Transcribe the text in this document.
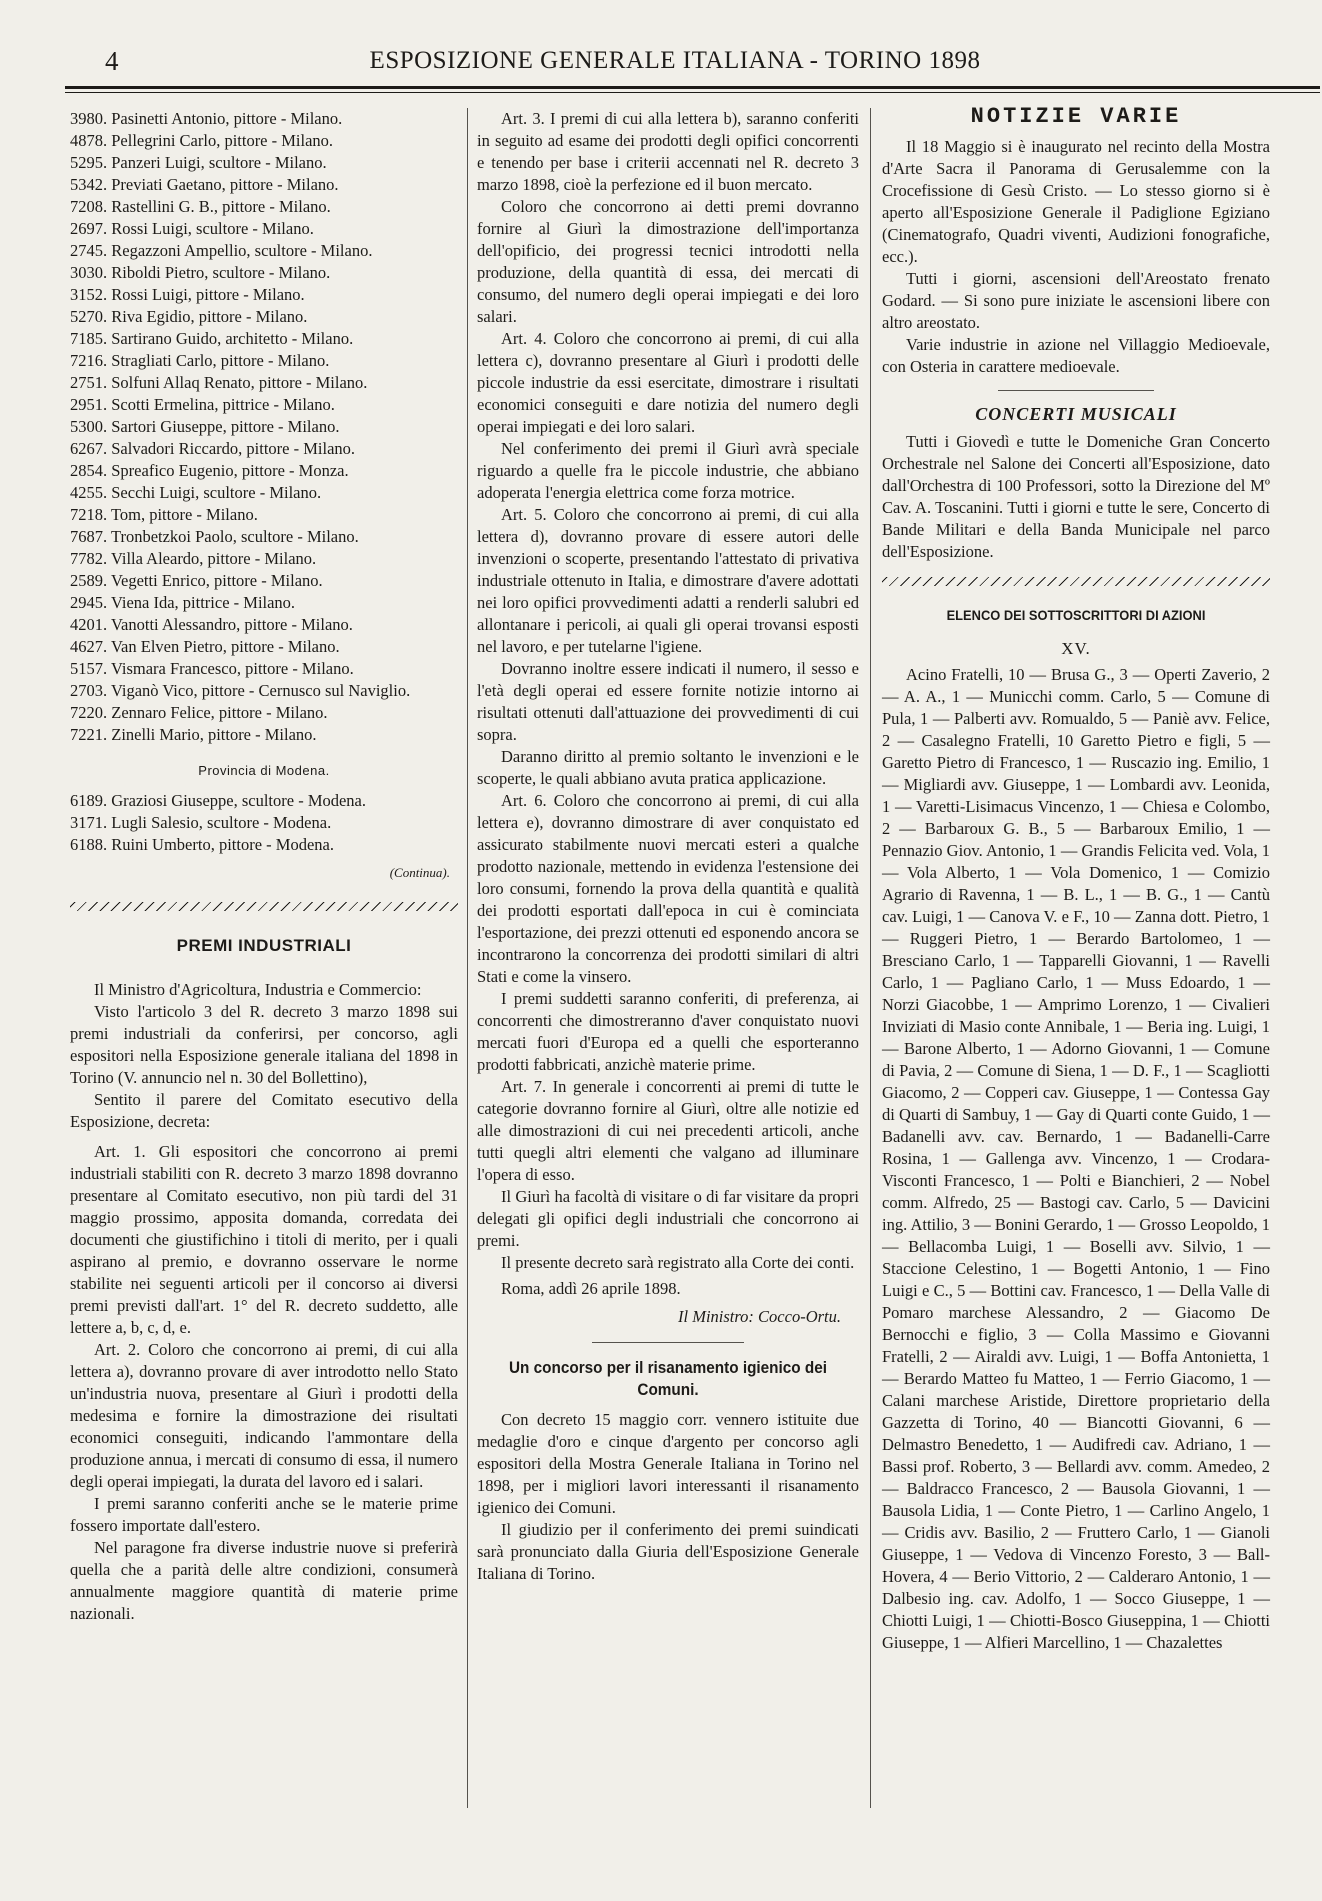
4	ESPOSIZIONE GENERALE ITALIANA - TORINO 1898
3980. Pasinetti Antonio, pittore - Milano.
4878. Pellegrini Carlo, pittore - Milano.
5295. Panzeri Luigi, scultore - Milano.
5342. Previati Gaetano, pittore - Milano.
7208. Rastellini G. B., pittore - Milano.
2697. Rossi Luigi, scultore - Milano.
2745. Regazzoni Ampellio, scultore - Milano.
3030. Riboldi Pietro, scultore - Milano.
3152. Rossi Luigi, pittore - Milano.
5270. Riva Egidio, pittore - Milano.
7185. Sartirano Guido, architetto - Milano.
7216. Stragliati Carlo, pittore - Milano.
2751. Solfuni Allaq Renato, pittore - Milano.
2951. Scotti Ermelina, pittrice - Milano.
5300. Sartori Giuseppe, pittore - Milano.
6267. Salvadori Riccardo, pittore - Milano.
2854. Spreafico Eugenio, pittore - Monza.
4255. Secchi Luigi, scultore - Milano.
7218. Tom, pittore - Milano.
7687. Tronbetzkoi Paolo, scultore - Milano.
7782. Villa Aleardo, pittore - Milano.
2589. Vegetti Enrico, pittore - Milano.
2945. Viena Ida, pittrice - Milano.
4201. Vanotti Alessandro, pittore - Milano.
4627. Van Elven Pietro, pittore - Milano.
5157. Vismara Francesco, pittore - Milano.
2703. Viganò Vico, pittore - Cernusco sul Naviglio.
7220. Zennaro Felice, pittore - Milano.
7221. Zinelli Mario, pittore - Milano.
Provincia di Modena.
6189. Graziosi Giuseppe, scultore - Modena.
3171. Lugli Salesio, scultore - Modena.
6188. Ruini Umberto, pittore - Modena.
(Continua).
PREMI INDUSTRIALI

Il Ministro d'Agricoltura, Industria e Commercio:

Visto l'articolo 3 del R. decreto 3 marzo 1898 sui premi industriali da conferirsi, per concorso, agli espositori nella Esposizione generale italiana del 1898 in Torino (V. annuncio nel n. 30 del Bollettino),

Sentito il parere del Comitato esecutivo della Esposizione, decreta:

Art. 1. Gli espositori che concorrono ai premi industriali stabiliti con R. decreto 3 marzo 1898 dovranno presentare al Comitato esecutivo, non più tardi del 31 maggio prossimo, apposita domanda, corredata dei documenti che giustifichino i titoli di merito, per i quali aspirano al premio, e dovranno osservare le norme stabilite nei seguenti articoli per il concorso ai diversi premi previsti dall'art. 1° del R. decreto suddetto, alle lettere a, b, c, d, e.

Art. 2. Coloro che concorrono ai premi, di cui alla lettera a), dovranno provare di aver introdotto nello Stato un'industria nuova, presentare al Giurì i prodotti della medesima e fornire la dimostrazione dei risultati economici conseguiti, indicando l'ammontare della produzione annua, i mercati di consumo di essa, il numero degli operai impiegati, la durata del lavoro ed i salari.

I premi saranno conferiti anche se le materie prime fossero importate dall'estero.

Nel paragone fra diverse industrie nuove si preferirà quella che a parità delle altre condizioni, consumerà annualmente maggiore quantità di materie prime nazionali.

Art. 3. I premi di cui alla lettera b), saranno conferiti in seguito ad esame dei prodotti degli opifici concorrenti e tenendo per base i criterii accennati nel R. decreto 3 marzo 1898, cioè la perfezione ed il buon mercato.

Coloro che concorrono ai detti premi dovranno fornire al Giurì la dimostrazione dell'importanza dell'opificio, dei progressi tecnici introdotti nella produzione, della quantità di essa, dei mercati di consumo, del numero degli operai impiegati e dei loro salari.

Art. 4. Coloro che concorrono ai premi, di cui alla lettera c), dovranno presentare al Giurì i prodotti delle piccole industrie da essi esercitate, dimostrare i risultati economici conseguiti e dare notizia del numero degli operai impiegati e dei loro salari.

Nel conferimento dei premi il Giurì avrà speciale riguardo a quelle fra le piccole industrie, che abbiano adoperata l'energia elettrica come forza motrice.

Art. 5. Coloro che concorrono ai premi, di cui alla lettera d), dovranno provare di essere autori delle invenzioni o scoperte, presentando l'attestato di privativa industriale ottenuto in Italia, e dimostrare d'avere adottati nei loro opifici provvedimenti adatti a renderli salubri ed allontanare i pericoli, ai quali gli operai trovansi esposti nel lavoro, e per tutelarne l'igiene.

Dovranno inoltre essere indicati il numero, il sesso e l'età degli operai ed essere fornite notizie intorno ai risultati ottenuti dall'attuazione dei provvedimenti di cui sopra.

Daranno diritto al premio soltanto le invenzioni e le scoperte, le quali abbiano avuta pratica applicazione.

Art. 6. Coloro che concorrono ai premi, di cui alla lettera e), dovranno dimostrare di aver conquistato ed assicurato stabilmente nuovi mercati esteri a qualche prodotto nazionale, mettendo in evidenza l'estensione dei loro consumi, fornendo la prova della quantità e qualità dei prodotti esportati dall'epoca in cui è cominciata l'esportazione, dei prezzi ottenuti ed esponendo ancora se incontrarono la concorrenza dei prodotti similari di altri Stati e come la vinsero.

I premi suddetti saranno conferiti, di preferenza, ai concorrenti che dimostreranno d'aver conquistato nuovi mercati fuori d'Europa ed a quelli che esporteranno prodotti fabbricati, anzichè materie prime.

Art. 7. In generale i concorrenti ai premi di tutte le categorie dovranno fornire al Giurì, oltre alle notizie ed alle dimostrazioni di cui nei precedenti articoli, anche tutti quegli altri elementi che valgano ad illuminare l'opera di esso.

Il Giurì ha facoltà di visitare o di far visitare da propri delegati gli opifici degli industriali che concorrono ai premi.

Il presente decreto sarà registrato alla Corte dei conti.

Roma, addì 26 aprile 1898.

Il Ministro: Cocco-Ortu.

Un concorso per il risanamento igienico dei Comuni.

Con decreto 15 maggio corr. vennero istituite due medaglie d'oro e cinque d'argento per concorso agli espositori della Mostra Generale Italiana in Torino nel 1898, per i migliori lavori interessanti il risanamento igienico dei Comuni.

Il giudizio per il conferimento dei premi suindicati sarà pronunciato dalla Giuria dell'Esposizione Generale Italiana di Torino.

NOTIZIE VARIE

Il 18 Maggio si è inaugurato nel recinto della Mostra d'Arte Sacra il Panorama di Gerusalemme con la Crocefissione di Gesù Cristo. — Lo stesso giorno si è aperto all'Esposizione Generale il Padiglione Egiziano (Cinematografo, Quadri viventi, Audizioni fonografiche, ecc.).

Tutti i giorni, ascensioni dell'Areostato frenato Godard. — Si sono pure iniziate le ascensioni libere con altro areostato.

Varie industrie in azione nel Villaggio Medioevale, con Osteria in carattere medioevale.

CONCERTI MUSICALI

Tutti i Giovedì e tutte le Domeniche Gran Concerto Orchestrale nel Salone dei Concerti all'Esposizione, dato dall'Orchestra di 100 Professori, sotto la Direzione del Mº Cav. A. Toscanini. Tutti i giorni e tutte le sere, Concerto di Bande Militari e della Banda Municipale nel parco dell'Esposizione.

ELENCO DEI SOTTOSCRITTORI DI AZIONI
XV.

Acino Fratelli, 10 — Brusa G., 3 — Operti Zaverio, 2 — A. A., 1 — Municchi comm. Carlo, 5 — Comune di Pula, 1 — Palberti avv. Romualdo, 5 — Paniè avv. Felice, 2 — Casalegno Fratelli, 10 Garetto Pietro e figli, 5 — Garetto Pietro di Francesco, 1 — Ruscazio ing. Emilio, 1 — Migliardi avv. Giuseppe, 1 — Lombardi avv. Leonida, 1 — Varetti-Lisimacus Vincenzo, 1 — Chiesa e Colombo, 2 — Barbaroux G. B., 5 — Barbaroux Emilio, 1 — Pennazio Giov. Antonio, 1 — Grandis Felicita ved. Vola, 1 — Vola Alberto, 1 — Vola Domenico, 1 — Comizio Agrario di Ravenna, 1 — B. L., 1 — B. G., 1 — Cantù cav. Luigi, 1 — Canova V. e F., 10 — Zanna dott. Pietro, 1 — Ruggeri Pietro, 1 — Berardo Bartolomeo, 1 — Bresciano Carlo, 1 — Tapparelli Giovanni, 1 — Ravelli Carlo, 1 — Pagliano Carlo, 1 — Muss Edoardo, 1 — Norzi Giacobbe, 1 — Amprimo Lorenzo, 1 — Civalieri Inviziati di Masio conte Annibale, 1 — Beria ing. Luigi, 1 — Barone Alberto, 1 — Adorno Giovanni, 1 — Comune di Pavia, 2 — Comune di Siena, 1 — D. F., 1 — Scagliotti Giacomo, 2 — Copperi cav. Giuseppe, 1 — Contessa Gay di Quarti di Sambuy, 1 — Gay di Quarti conte Guido, 1 — Badanelli avv. cav. Bernardo, 1 — Badanelli-Carre Rosina, 1 — Gallenga avv. Vincenzo, 1 — Crodara-Visconti Francesco, 1 — Polti e Bianchieri, 2 — Nobel comm. Alfredo, 25 — Bastogi cav. Carlo, 5 — Davicini ing. Attilio, 3 — Bonini Gerardo, 1 — Grosso Leopoldo, 1 — Bellacomba Luigi, 1 — Boselli avv. Silvio, 1 — Staccione Celestino, 1 — Bogetti Antonio, 1 — Fino Luigi e C., 5 — Bottini cav. Francesco, 1 — Della Valle di Pomaro marchese Alessandro, 2 — Giacomo De Bernocchi e figlio, 3 — Colla Massimo e Giovanni Fratelli, 2 — Airaldi avv. Luigi, 1 — Boffa Antonietta, 1 — Berardo Matteo fu Matteo, 1 — Ferrio Giacomo, 1 — Calani marchese Aristide, Direttore proprietario della Gazzetta di Torino, 40 — Biancotti Giovanni, 6 — Delmastro Benedetto, 1 — Audifredi cav. Adriano, 1 — Bassi prof. Roberto, 3 — Bellardi avv. comm. Amedeo, 2 — Baldracco Francesco, 2 — Bausola Giovanni, 1 — Bausola Lidia, 1 — Conte Pietro, 1 — Carlino Angelo, 1 — Cridis avv. Basilio, 2 — Fruttero Carlo, 1 — Gianoli Giuseppe, 1 — Vedova di Vincenzo Foresto, 3 — Ball-Hovera, 4 — Berio Vittorio, 2 — Calderaro Antonio, 1 — Dalbesio ing. cav. Adolfo, 1 — Socco Giuseppe, 1 — Chiotti Luigi, 1 — Chiotti-Bosco Giuseppina, 1 — Chiotti Giuseppe, 1 — Alfieri Marcellino, 1 — Chazalettes
